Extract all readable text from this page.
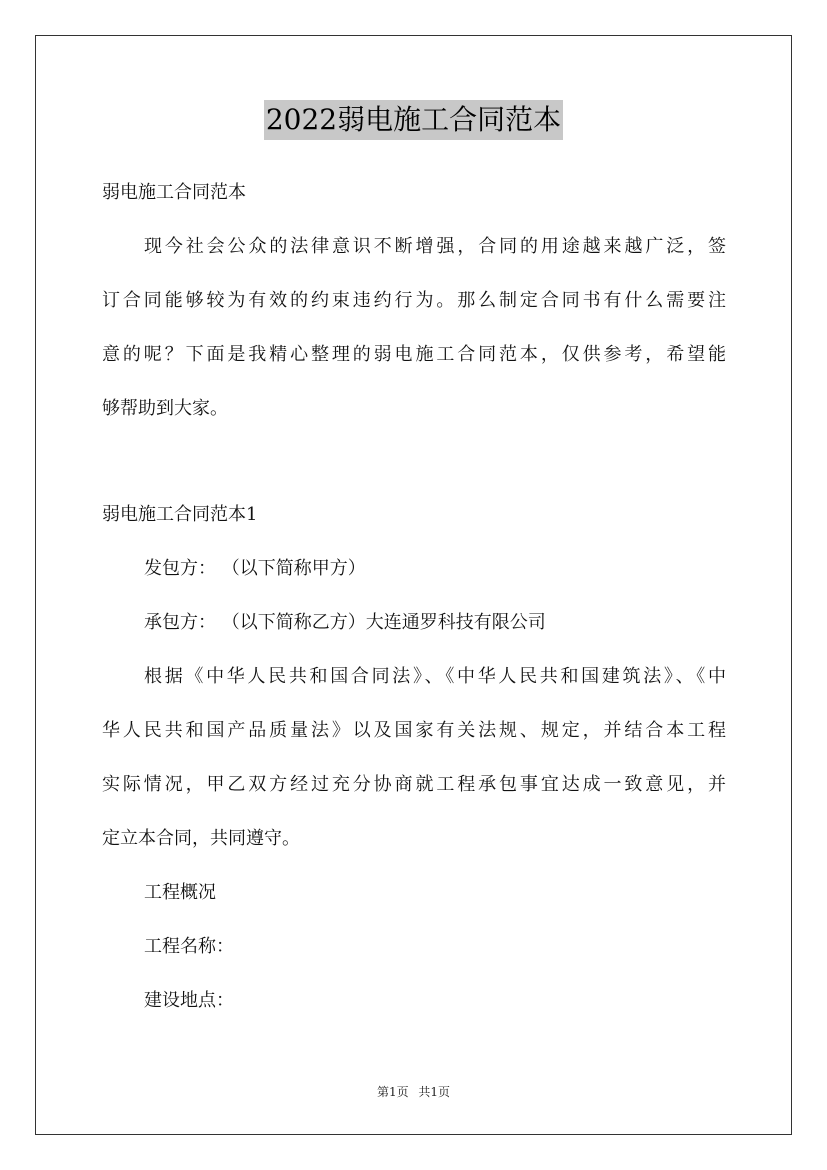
2022弱电施工合同范本
弱电施工合同范本
现今社会公众的法律意识不断增强，合同的用途越来越广泛，签
订合同能够较为有效的约束违约行为。那么制定合同书有什么需要注
意的呢？下面是我精心整理的弱电施工合同范本，仅供参考，希望能
够帮助到大家。
弱电施工合同范本1
发包方： （以下简称甲方）
承包方： （以下简称乙方）大连通罗科技有限公司
根据《中华人民共和国合同法》、《中华人民共和国建筑法》、《中
华人民共和国产品质量法》以及国家有关法规、规定，并结合本工程
实际情况，甲乙双方经过充分协商就工程承包事宜达成一致意见，并
定立本合同，共同遵守。
工程概况
工程名称：
建设地点：
第1页 共1页
